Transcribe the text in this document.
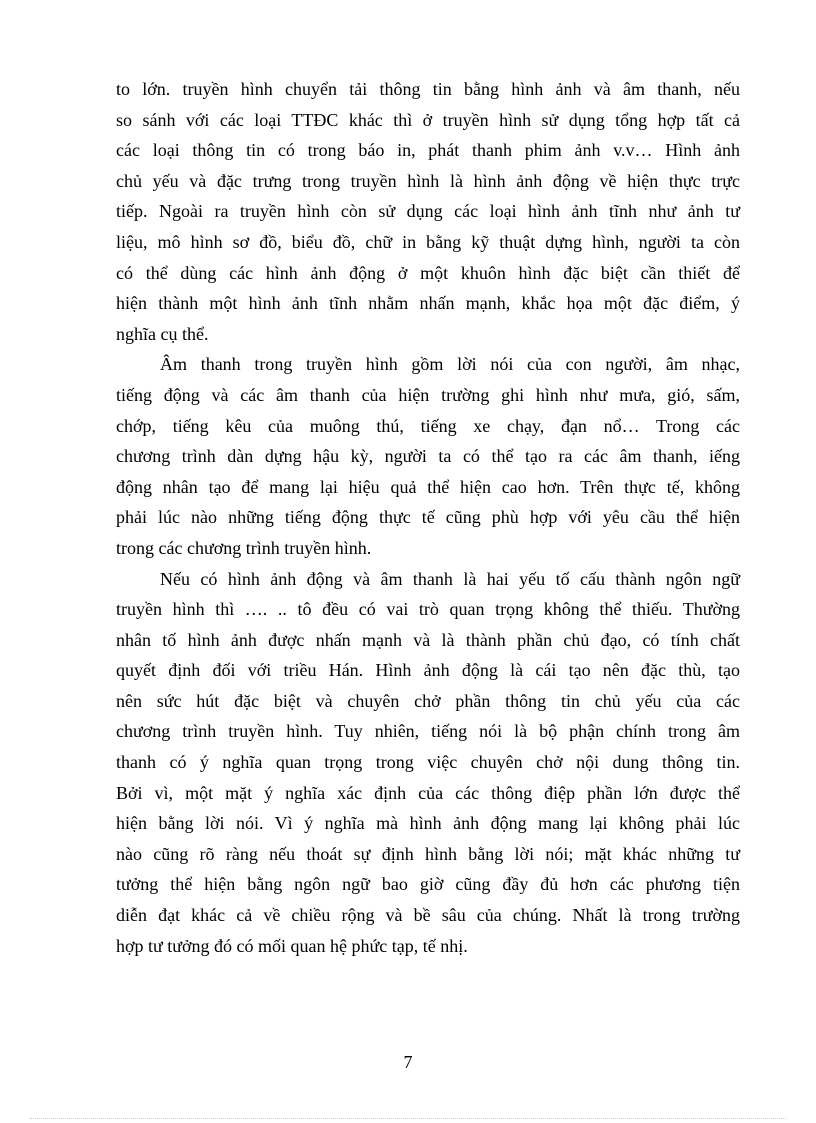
to lớn. truyền hình chuyển tải thông tin bằng hình ảnh và âm thanh, nếu
so sánh với các loại TTĐC khác thì ở truyền hình sử dụng tổng hợp tất cả
các loại thông tin có trong báo in, phát thanh phim ảnh v.v… Hình ảnh
chủ yếu và đặc trưng trong truyền hình là hình ảnh động về hiện thực trực
tiếp. Ngoài ra truyền hình còn sử dụng các loại hình ảnh tĩnh như ảnh tư
liệu, mô hình sơ đồ, biểu đồ, chữ in bằng kỹ thuật dựng hình, người ta còn
có thể dùng các hình ảnh động ở một khuôn hình đặc biệt cần thiết để
hiện thành một hình ảnh tĩnh nhằm nhấn mạnh, khắc họa một đặc điểm, ý
nghĩa cụ thể.
Âm thanh trong truyền hình gồm lời nói của con người, âm nhạc,
tiếng động và các âm thanh của hiện trường ghi hình như mưa, gió, sấm,
chớp, tiếng kêu của muông thú, tiếng xe chạy, đạn nổ… Trong các
chương trình dàn dựng hậu kỳ, người ta có thể tạo ra các âm thanh, iếng
động nhân tạo để mang lại hiệu quả thể hiện cao hơn. Trên thực tế, không
phải lúc nào những tiếng động thực tế cũng phù hợp với yêu cầu thể hiện
trong các chương trình truyền hình.
Nếu có hình ảnh động và âm thanh là hai yếu tố cấu thành ngôn ngữ
truyền hình thì …. .. tô đều có vai trò quan trọng không thể thiếu. Thường
nhân tố hình ảnh được nhấn mạnh và là thành phần chủ đạo, có tính chất
quyết định đối với triều Hán. Hình ảnh động là cái tạo nên đặc thù, tạo
nên sức hút đặc biệt và chuyên chở phần thông tin chủ yếu của các
chương trình truyền hình. Tuy nhiên, tiếng nói là bộ phận chính trong âm
thanh có ý nghĩa quan trọng trong việc chuyên chở nội dung thông tin.
Bởi vì, một mặt ý nghĩa xác định của các thông điệp phần lớn được thể
hiện bằng lời nói. Vì ý nghĩa mà hình ảnh động mang lại không phải lúc
nào cũng rõ ràng nếu thoát sự định hình bằng lời nói; mặt khác những tư
tưởng thể hiện bằng ngôn ngữ bao giờ cũng đầy đủ hơn các phương tiện
diễn đạt khác cả về chiều rộng và bề sâu của chúng. Nhất là trong trường
hợp tư tưởng đó có mối quan hệ phức tạp, tế nhị.
7
